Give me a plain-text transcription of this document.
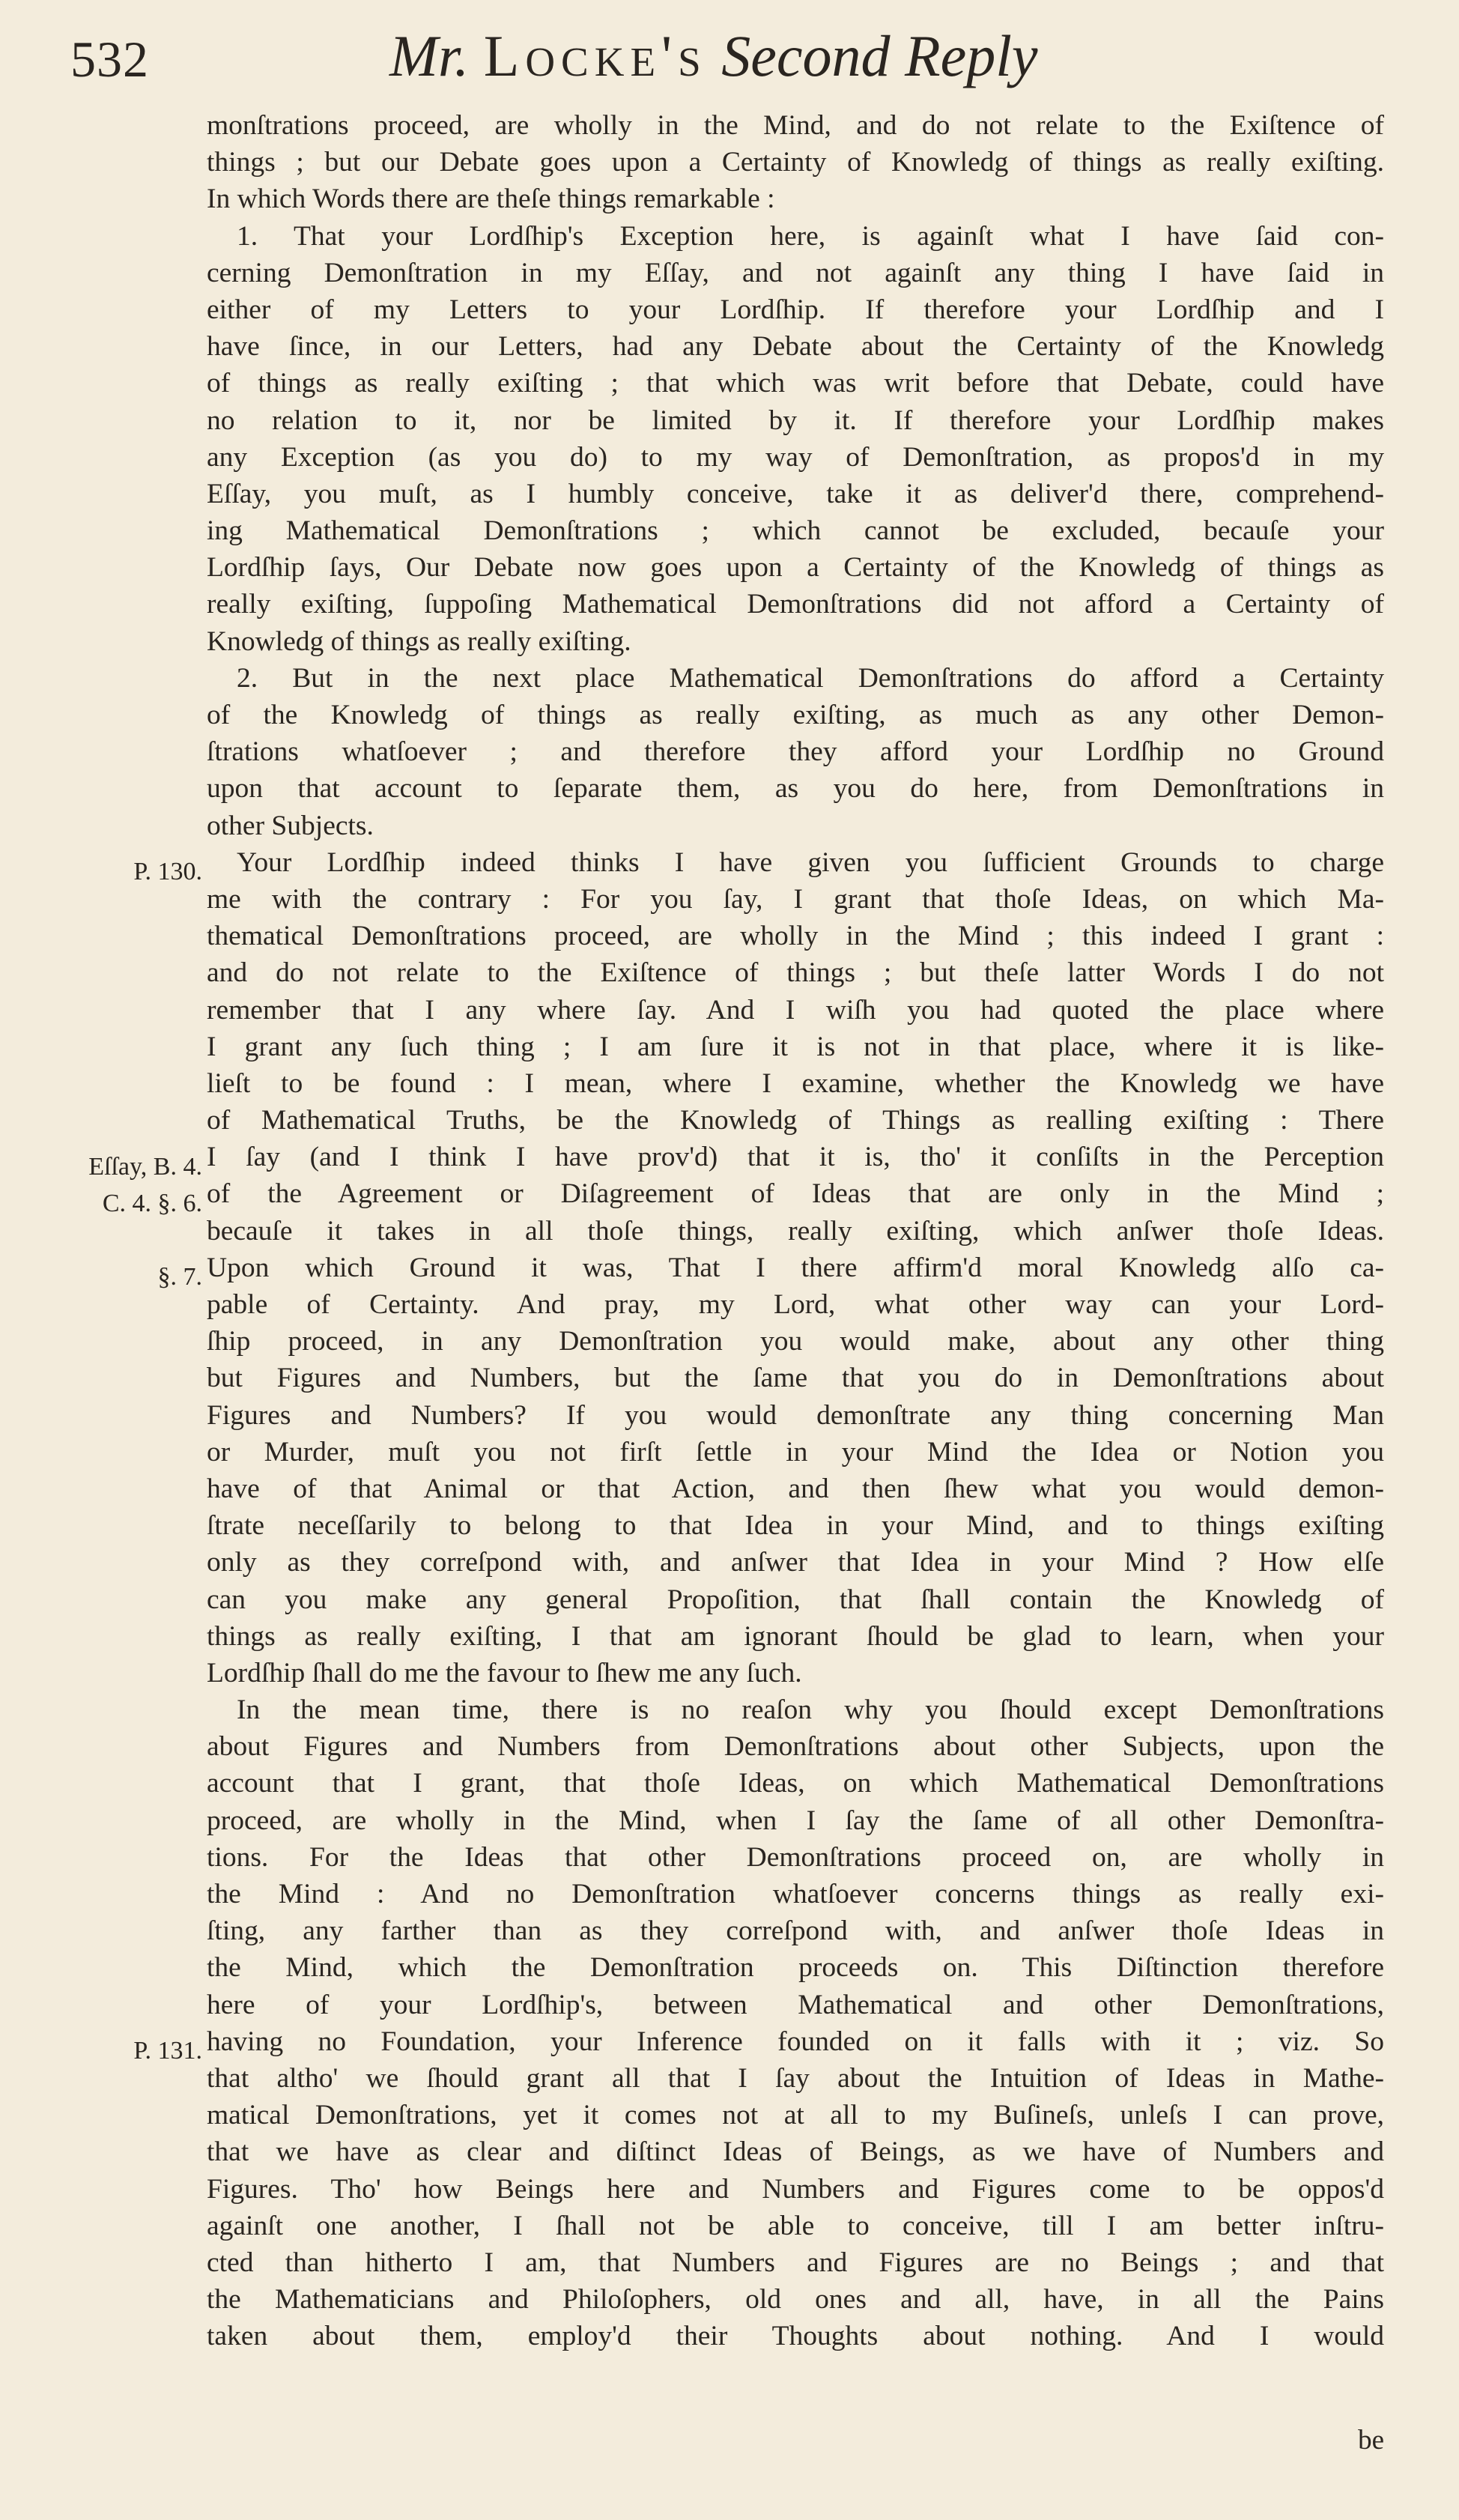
532	Mr. Locke's Second Reply
monſtrations proceed, are wholly in the Mind, and do not relate to the Exiſtence of
things ; but our Debate goes upon a Certainty of Knowledg of things as really exiſting.
In which Words there are theſe things remarkable :
1. That your Lordſhip's Exception here, is againſt what I have ſaid con-
cerning Demonſtration in my Eſſay, and not againſt any thing I have ſaid in
either of my Letters to your Lordſhip. If therefore your Lordſhip and I
have ſince, in our Letters, had any Debate about the Certainty of the Knowledg
of things as really exiſting ; that which was writ before that Debate, could have
no relation to it, nor be limited by it. If therefore your Lordſhip makes
any Exception (as you do) to my way of Demonſtration, as propos'd in my
Eſſay, you muſt, as I humbly conceive, take it as deliver'd there, comprehend-
ing Mathematical Demonſtrations ; which cannot be excluded, becauſe your
Lordſhip ſays, Our Debate now goes upon a Certainty of the Knowledg of things as
really exiſting, ſuppoſing Mathematical Demonſtrations did not afford a Certainty of
Knowledg of things as really exiſting.
2. But in the next place Mathematical Demonſtrations do afford a Certainty
of the Knowledg of things as really exiſting, as much as any other Demon-
ſtrations whatſoever ; and therefore they afford your Lordſhip no Ground
upon that account to ſeparate them, as you do here, from Demonſtrations in
other Subjects.
Your Lordſhip indeed thinks I have given you ſufficient Grounds to charge
me with the contrary : For you ſay, I grant that thoſe Ideas, on which Ma-
thematical Demonſtrations proceed, are wholly in the Mind ; this indeed I grant :
and do not relate to the Exiſtence of things ; but theſe latter Words I do not
remember that I any where ſay. And I wiſh you had quoted the place where
I grant any ſuch thing ; I am ſure it is not in that place, where it is like-
lieſt to be found : I mean, where I examine, whether the Knowledg we have
of Mathematical Truths, be the Knowledg of Things as realling exiſting : There
I ſay (and I think I have prov'd) that it is, tho' it conſiſts in the Perception
of the Agreement or Diſagreement of Ideas that are only in the Mind ;
becauſe it takes in all thoſe things, really exiſting, which anſwer thoſe Ideas.
Upon which Ground it was, That I there affirm'd moral Knowledg alſo ca-
pable of Certainty. And pray, my Lord, what other way can your Lord-
ſhip proceed, in any Demonſtration you would make, about any other thing
but Figures and Numbers, but the ſame that you do in Demonſtrations about
Figures and Numbers? If you would demonſtrate any thing concerning Man
or Murder, muſt you not firſt ſettle in your Mind the Idea or Notion you
have of that Animal or that Action, and then ſhew what you would demon-
ſtrate neceſſarily to belong to that Idea in your Mind, and to things exiſting
only as they correſpond with, and anſwer that Idea in your Mind ? How elſe
can you make any general Propoſition, that ſhall contain the Knowledg of
things as really exiſting, I that am ignorant ſhould be glad to learn, when your
Lordſhip ſhall do me the favour to ſhew me any ſuch.
In the mean time, there is no reaſon why you ſhould except Demonſtrations
about Figures and Numbers from Demonſtrations about other Subjects, upon the
account that I grant, that thoſe Ideas, on which Mathematical Demonſtrations
proceed, are wholly in the Mind, when I ſay the ſame of all other Demonſtra-
tions. For the Ideas that other Demonſtrations proceed on, are wholly in
the Mind : And no Demonſtration whatſoever concerns things as really exi-
ſting, any farther than as they correſpond with, and anſwer thoſe Ideas in
the Mind, which the Demonſtration proceeds on. This Diſtinction therefore
here of your Lordſhip's, between Mathematical and other Demonſtrations,
having no Foundation, your Inference founded on it falls with it ; viz. So
that altho' we ſhould grant all that I ſay about the Intuition of Ideas in Mathe-
matical Demonſtrations, yet it comes not at all to my Buſineſs, unleſs I can prove,
that we have as clear and diſtinct Ideas of Beings, as we have of Numbers and
Figures. Tho' how Beings here and Numbers and Figures come to be oppos'd
againſt one another, I ſhall not be able to conceive, till I am better inſtru-
cted than hitherto I am, that Numbers and Figures are no Beings ; and that
the Mathematicians and Philoſophers, old ones and all, have, in all the Pains
taken about them, employ'd their Thoughts about nothing. And I would
P. 130.
Eſſay, B. 4.
C. 4. §. 6.
§. 7.
P. 131.
be
